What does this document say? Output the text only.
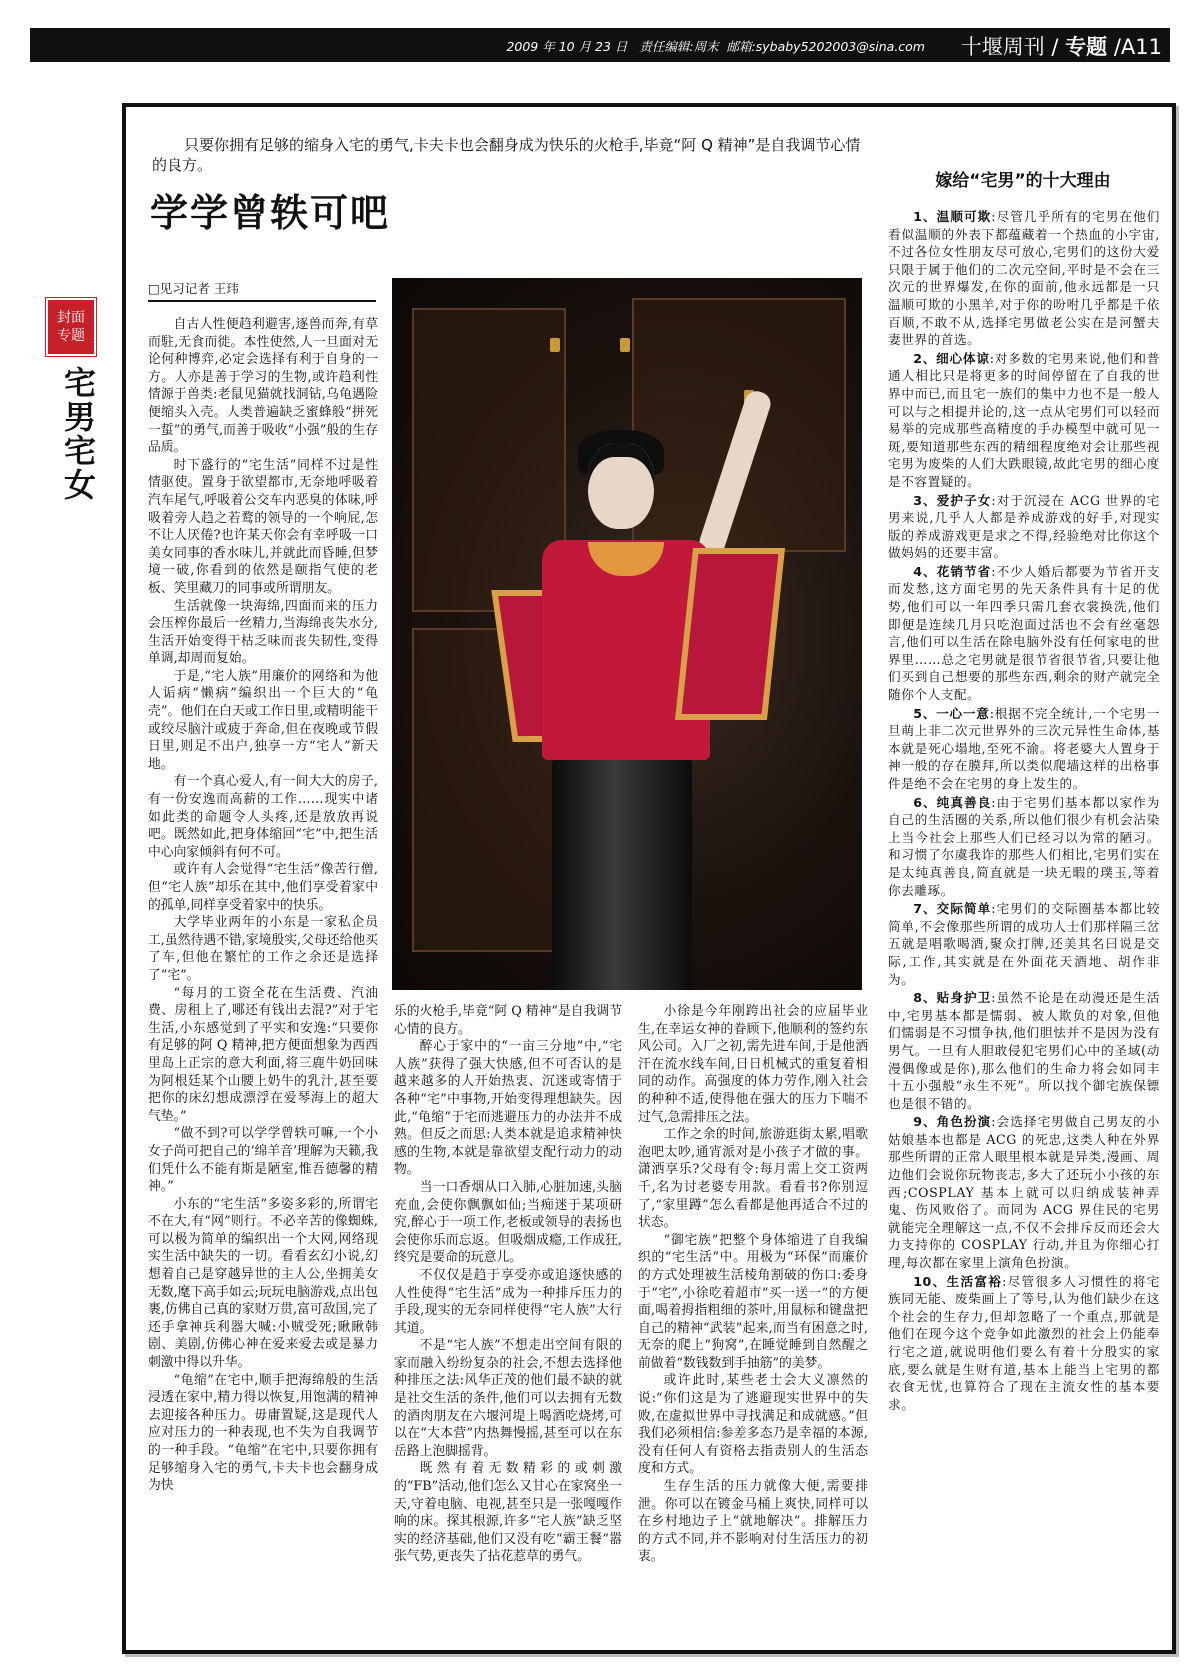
2009 年 10 月 23 日 责任编辑:周末 邮箱:sybaby5202003@sina.com 十堰周刊 / 专题 /A11
封面
专题
宅男宅女
只要你拥有足够的缩身入宅的勇气,卡夫卡也会翻身成为快乐的火枪手,毕竟“阿 Q 精神”是自我调节心情的良方。
学学曾轶可吧
□见习记者 王玮

自古人性便趋利避害,逐兽而奔,有草而駐,无食而徙。本性使然,人一旦面对无论何种博弈,必定会选择有利于自身的一方。人亦是善于学习的生物,或许趋利性情源于兽类:老鼠见猫就找洞钻,乌龟遇险便缩头入壳。人类普遍缺乏蜜蜂般“拼死一蜇”的勇气,而善于吸收“小强”般的生存品质。

时下盛行的“宅生活”同样不过是性情驱使。置身于欲望都市,无奈地呼吸着汽车尾气,呼吸着公交车内恶臭的体味,呼吸着旁人趋之若鹜的领导的一个响屁,怎不让人厌倦?也许某天你会有幸呼吸一口美女同事的香水味儿,并就此而昏睡,但梦境一破,你看到的依然是颐指气使的老板、笑里藏刀的同事或所谓朋友。

生活就像一块海绵,四面而来的压力会压榨你最后一丝精力,当海绵丧失水分,生活开始变得干枯乏味而丧失韧性,变得单调,却周而复始。

于是,“宅人族”用廉价的网络和为他人诟病“懒病”编织出一个巨大的“龟壳”。他们在白天或工作日里,或精明能干或绞尽脑汁或疲于奔命,但在夜晚或节假日里,则足不出户,独享一方“宅人”新天地。

有一个真心爱人,有一间大大的房子,有一份安逸而高薪的工作……现实中诸如此类的命题令人头疼,还是放放再说吧。既然如此,把身体缩回“宅”中,把生活中心向家倾斜有何不可。

或许有人会觉得“宅生活”像苦行僧,但“宅人族”却乐在其中,他们享受着家中的孤单,同样享受着家中的快乐。

大学毕业两年的小东是一家私企员工,虽然待遇不错,家境殷实,父母还给他买了车,但他在繁忙的工作之余还是选择了“宅”。

“每月的工资全花在生活费、汽油费、房租上了,哪还有钱出去混?”对于宅生活,小东感觉到了平实和安逸:“只要你有足够的阿 Q 精神,把方便面想象为西西里岛上正宗的意大利面,将三鹿牛奶回味为阿根廷某个山腰上奶牛的乳汁,甚至要把你的床幻想成漂浮在爱琴海上的超大气垫。”

“做不到?可以学学曾轶可嘛,一个小女子尚可把自己的‘绵羊音’理解为天籁,我们凭什么不能有斯是陋室,惟吾德馨的精神。”

小东的“宅生活”多姿多彩的,所谓宅不在大,有“网”则行。不必辛苦的像蜘蛛,可以极为简单的编织出一个大网,网络现实生活中缺失的一切。看看玄幻小说,幻想着自己是穿越异世的主人公,坐拥美女无数,麾下高手如云;玩玩电脑游戏,点出包裹,仿佛自己真的家财万贯,富可敌国,完了还手拿神兵利器大喊:小贼受死;瞅瞅韩剧、美剧,仿佛心神在爱来爱去或是暴力刺激中得以升华。

“龟缩”在宅中,顺手把海绵般的生活浸透在家中,精力得以恢复,用饱满的精神去迎接各种压力。毋庸置疑,这是现代人应对压力的一种表现,也不失为自我调节的一种手段。“龟缩”在宅中,只要你拥有足够缩身入宅的勇气,卡夫卡也会翻身成为快

乐的火枪手,毕竟“阿 Q 精神”是自我调节心情的良方。

醉心于家中的“一亩三分地”中,“宅人族”获得了强大快感,但不可否认的是越来越多的人开始热衷、沉迷或寄情于各种“宅”中事物,开始变得理想缺失。因此,“龟缩”于宅而逃避压力的办法并不成熟。但反之而思:人类本就是追求精神快感的生物,本就是靠欲望支配行动力的动物。

当一口香烟从口入肺,心脏加速,头脑充血,会使你飘飘如仙;当痴迷于某项研究,醉心于一项工作,老板或领导的表扬也会使你乐而忘返。但吸烟成瘾,工作成狂,终究是要命的玩意儿。

不仅仅是趋于享受亦或追逐快感的人性使得“宅生活”成为一种排斥压力的手段,现实的无奈同样使得“宅人族”大行其道。

不是“宅人族”不想走出空间有限的家而融入纷纷复杂的社会,不想去选择他种排压之法:风华正茂的他们最不缺的就是社交生活的条件,他们可以去拥有无数的酒肉朋友在六堰河堤上喝酒吃烧烤,可以在“大本营”内热舞慢摇,甚至可以在东岳路上泡脚摇背。

既然有着无数精彩的或刺激的“FB”活动,他们怎么又甘心在家窝坐一天,守着电脑、电视,甚至只是一张嘎嘎作响的床。探其根源,许多“宅人族”缺乏坚实的经济基础,他们又没有吃“霸王餐”嚣张气势,更丧失了拈花惹草的勇气。

小徐是今年刚跨出社会的应届毕业生,在幸运女神的眷顾下,他顺利的签约东风公司。入厂之初,需先进车间,于是他洒汗在流水线车间,日日机械式的重复着相同的动作。高强度的体力劳作,刚入社会的种种不适,使得他在强大的压力下喘不过气,急需排压之法。

工作之余的时间,旅游逛街太累,唱歌泡吧太吵,通宵派对是小孩子才做的事。潇洒享乐?父母有令:每月需上交工资两千,名为讨老婆专用款。看看书?你别逗了,“家里蹲”怎么看都是他再适合不过的状态。

“御宅族”把整个身体缩进了自我编织的“宅生活”中。用极为“环保”而廉价的方式处理被生活棱角割破的伤口:委身于“宅”,小徐吃着超市“买一送一”的方便面,喝着拇指粗细的茶叶,用鼠标和键盘把自己的精神“武装”起来,而当有困意之时,无奈的爬上“狗窝”,在睡觉睡到自然醒之前做着“数钱数到手抽筋”的美梦。

或许此时,某些老士会大义凛然的说:“你们这是为了逃避现实世界中的失败,在虚拟世界中寻找满足和成就感。”但我们必须相信:参差多态乃是幸福的本源,没有任何人有资格去指责别人的生活态度和方式。

生存生活的压力就像大便,需要排泄。你可以在镀金马桶上爽快,同样可以在乡村地边子上“就地解决”。排解压力的方式不同,并不影响对付生活压力的初衷。

嫁给“宅男”的十大理由

1、温顺可欺:尽管几乎所有的宅男在他们看似温顺的外表下都蕴藏着一个热血的小宇宙,不过各位女性朋友尽可放心,宅男们的这份大爱只限于属于他们的二次元空间,平时是不会在三次元的世界爆发,在你的面前,他永远都是一只温顺可欺的小黑羊,对于你的吩咐几乎都是千依百顺,不敢不从,选择宅男做老公实在是河蟹夫妻世界的首选。

2、细心体谅:对多数的宅男来说,他们和普通人相比只是将更多的时间停留在了自我的世界中而已,而且宅一族们的集中力也不是一般人可以与之相提并论的,这一点从宅男们可以轻而易举的完成那些高精度的手办模型中就可见一斑,要知道那些东西的精细程度绝对会让那些视宅男为废柴的人们大跌眼镜,故此宅男的细心度是不容置疑的。

3、爱护子女:对于沉浸在 ACG 世界的宅男来说,几乎人人都是养成游戏的好手,对现实版的养成游戏更是求之不得,经验绝对比你这个做妈妈的还要丰富。

4、花销节省:不少人婚后都要为节省开支而发愁,这方面宅男的先天条件具有十足的优势,他们可以一年四季只需几套衣裳换洗,他们即便是连续几月只吃泡面过活也不会有丝毫怨言,他们可以生活在除电脑外没有任何家电的世界里……总之宅男就是很节省很节省,只要让他们买到自己想要的那些东西,剩余的财产就完全随你个人支配。

5、一心一意:根据不完全统计,一个宅男一旦萌上非二次元世界外的三次元异性生命体,基本就是死心塌地,至死不渝。将老婆大人置身于神一般的存在膜拜,所以类似爬墙这样的出格事件是绝不会在宅男的身上发生的。

6、纯真善良:由于宅男们基本都以家作为自己的生活圈的关系,所以他们很少有机会沾染上当今社会上那些人们已经习以为常的陋习。和习惯了尔虞我诈的那些人们相比,宅男们实在是太纯真善良,简直就是一块无暇的璞玉,等着你去雕琢。

7、交际简单:宅男们的交际圈基本都比较简单,不会像那些所谓的成功人士们那样隔三岔五就是唱歌喝酒,聚众打牌,还美其名曰说是交际,工作,其实就是在外面花天酒地、胡作非为。

8、贴身护卫:虽然不论是在动漫还是生活中,宅男基本都是懦弱、被人欺负的对象,但他们懦弱是不习惯争执,他们胆怯并不是因为没有男气。一旦有人胆敢侵犯宅男们心中的圣域(动漫偶像或是你),那么他们的生命力将会如同丰十五小强般“永生不死”。所以找个御宅族保镖也是很不错的。

9、角色扮演:会选择宅男做自己男友的小姑娘基本也都是 ACG 的死忠,这类人种在外界那些所谓的正常人眼里根本就是异类,漫画、周边他们会说你玩物丧志,多大了还玩小小孩的东西;COSPLAY 基本上就可以归纳成装神弄鬼、伤风败俗了。而同为 ACG 界住民的宅男就能完全理解这一点,不仅不会排斥反而还会大力支持你的 COSPLAY 行动,并且为你细心打理,每次都在家里上演角色扮演。

10、生活富裕:尽管很多人习惯性的将宅族同无能、废柴画上了等号,认为他们缺少在这个社会的生存力,但却忽略了一个重点,那就是他们在现今这个竞争如此激烈的社会上仍能奉行宅之道,就说明他们要么有着十分殷实的家底,要么就是生财有道,基本上能当上宅男的都衣食无忧,也算符合了现在主流女性的基本要求。
